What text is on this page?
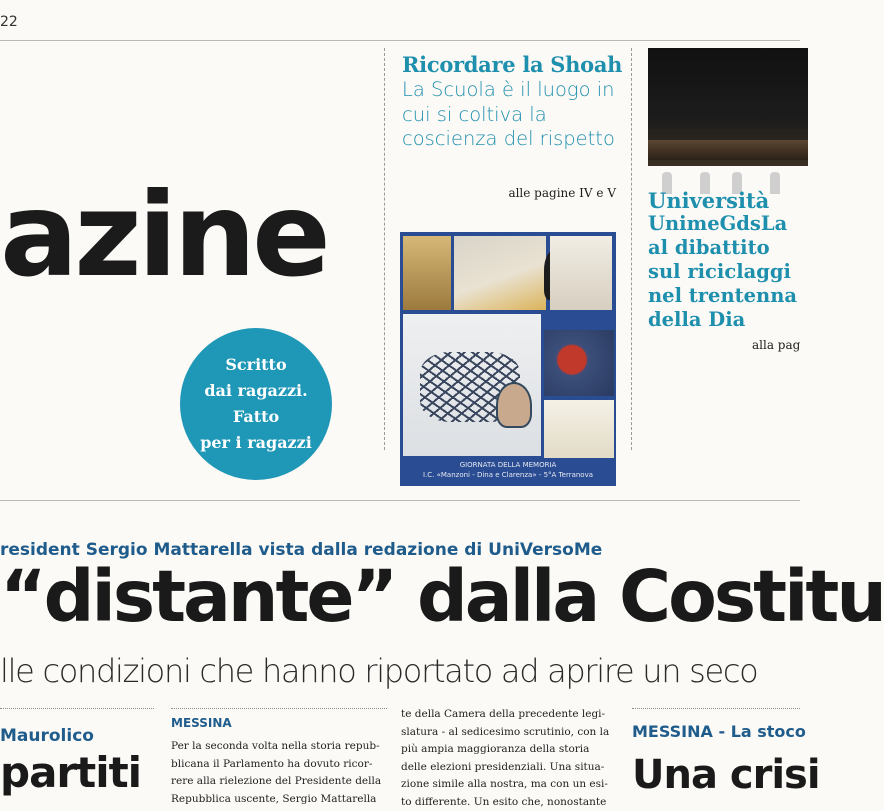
22
azine
Scritto
dai ragazzi.
Fatto
per i ragazzi
Ricordare la Shoah
La Scuola è il luogo in cui si coltiva la coscienza del rispetto
alle pagine IV e V
GIORNATA DELLA MEMORIA
I.C. «Manzoni - Dina e Clarenza» - 5°A Terranova
Università
UnimeGdsLa
al dibattito
sul riciclaggi
nel trentenna
della Dia
alla pag
resident Sergio Mattarella vista dalla redazione di UniVersoMe
“distante” dalla Costitu
lle condizioni che hanno riportato ad aprire un seco
Maurolico
partiti
MESSINA
Per la seconda volta nella storia repub-
blicana il Parlamento ha dovuto ricor-
rere alla rielezione del Presidente della
Repubblica uscente, Sergio Mattarella
te della Camera della precedente legi-
slatura - al sedicesimo scrutinio, con la
più ampia maggioranza della storia
delle elezioni presidenziali. Una situa-
zione simile alla nostra, ma con un esi-
to differente. Un esito che, nonostante
MESSINA - La stoco
Una crisi
